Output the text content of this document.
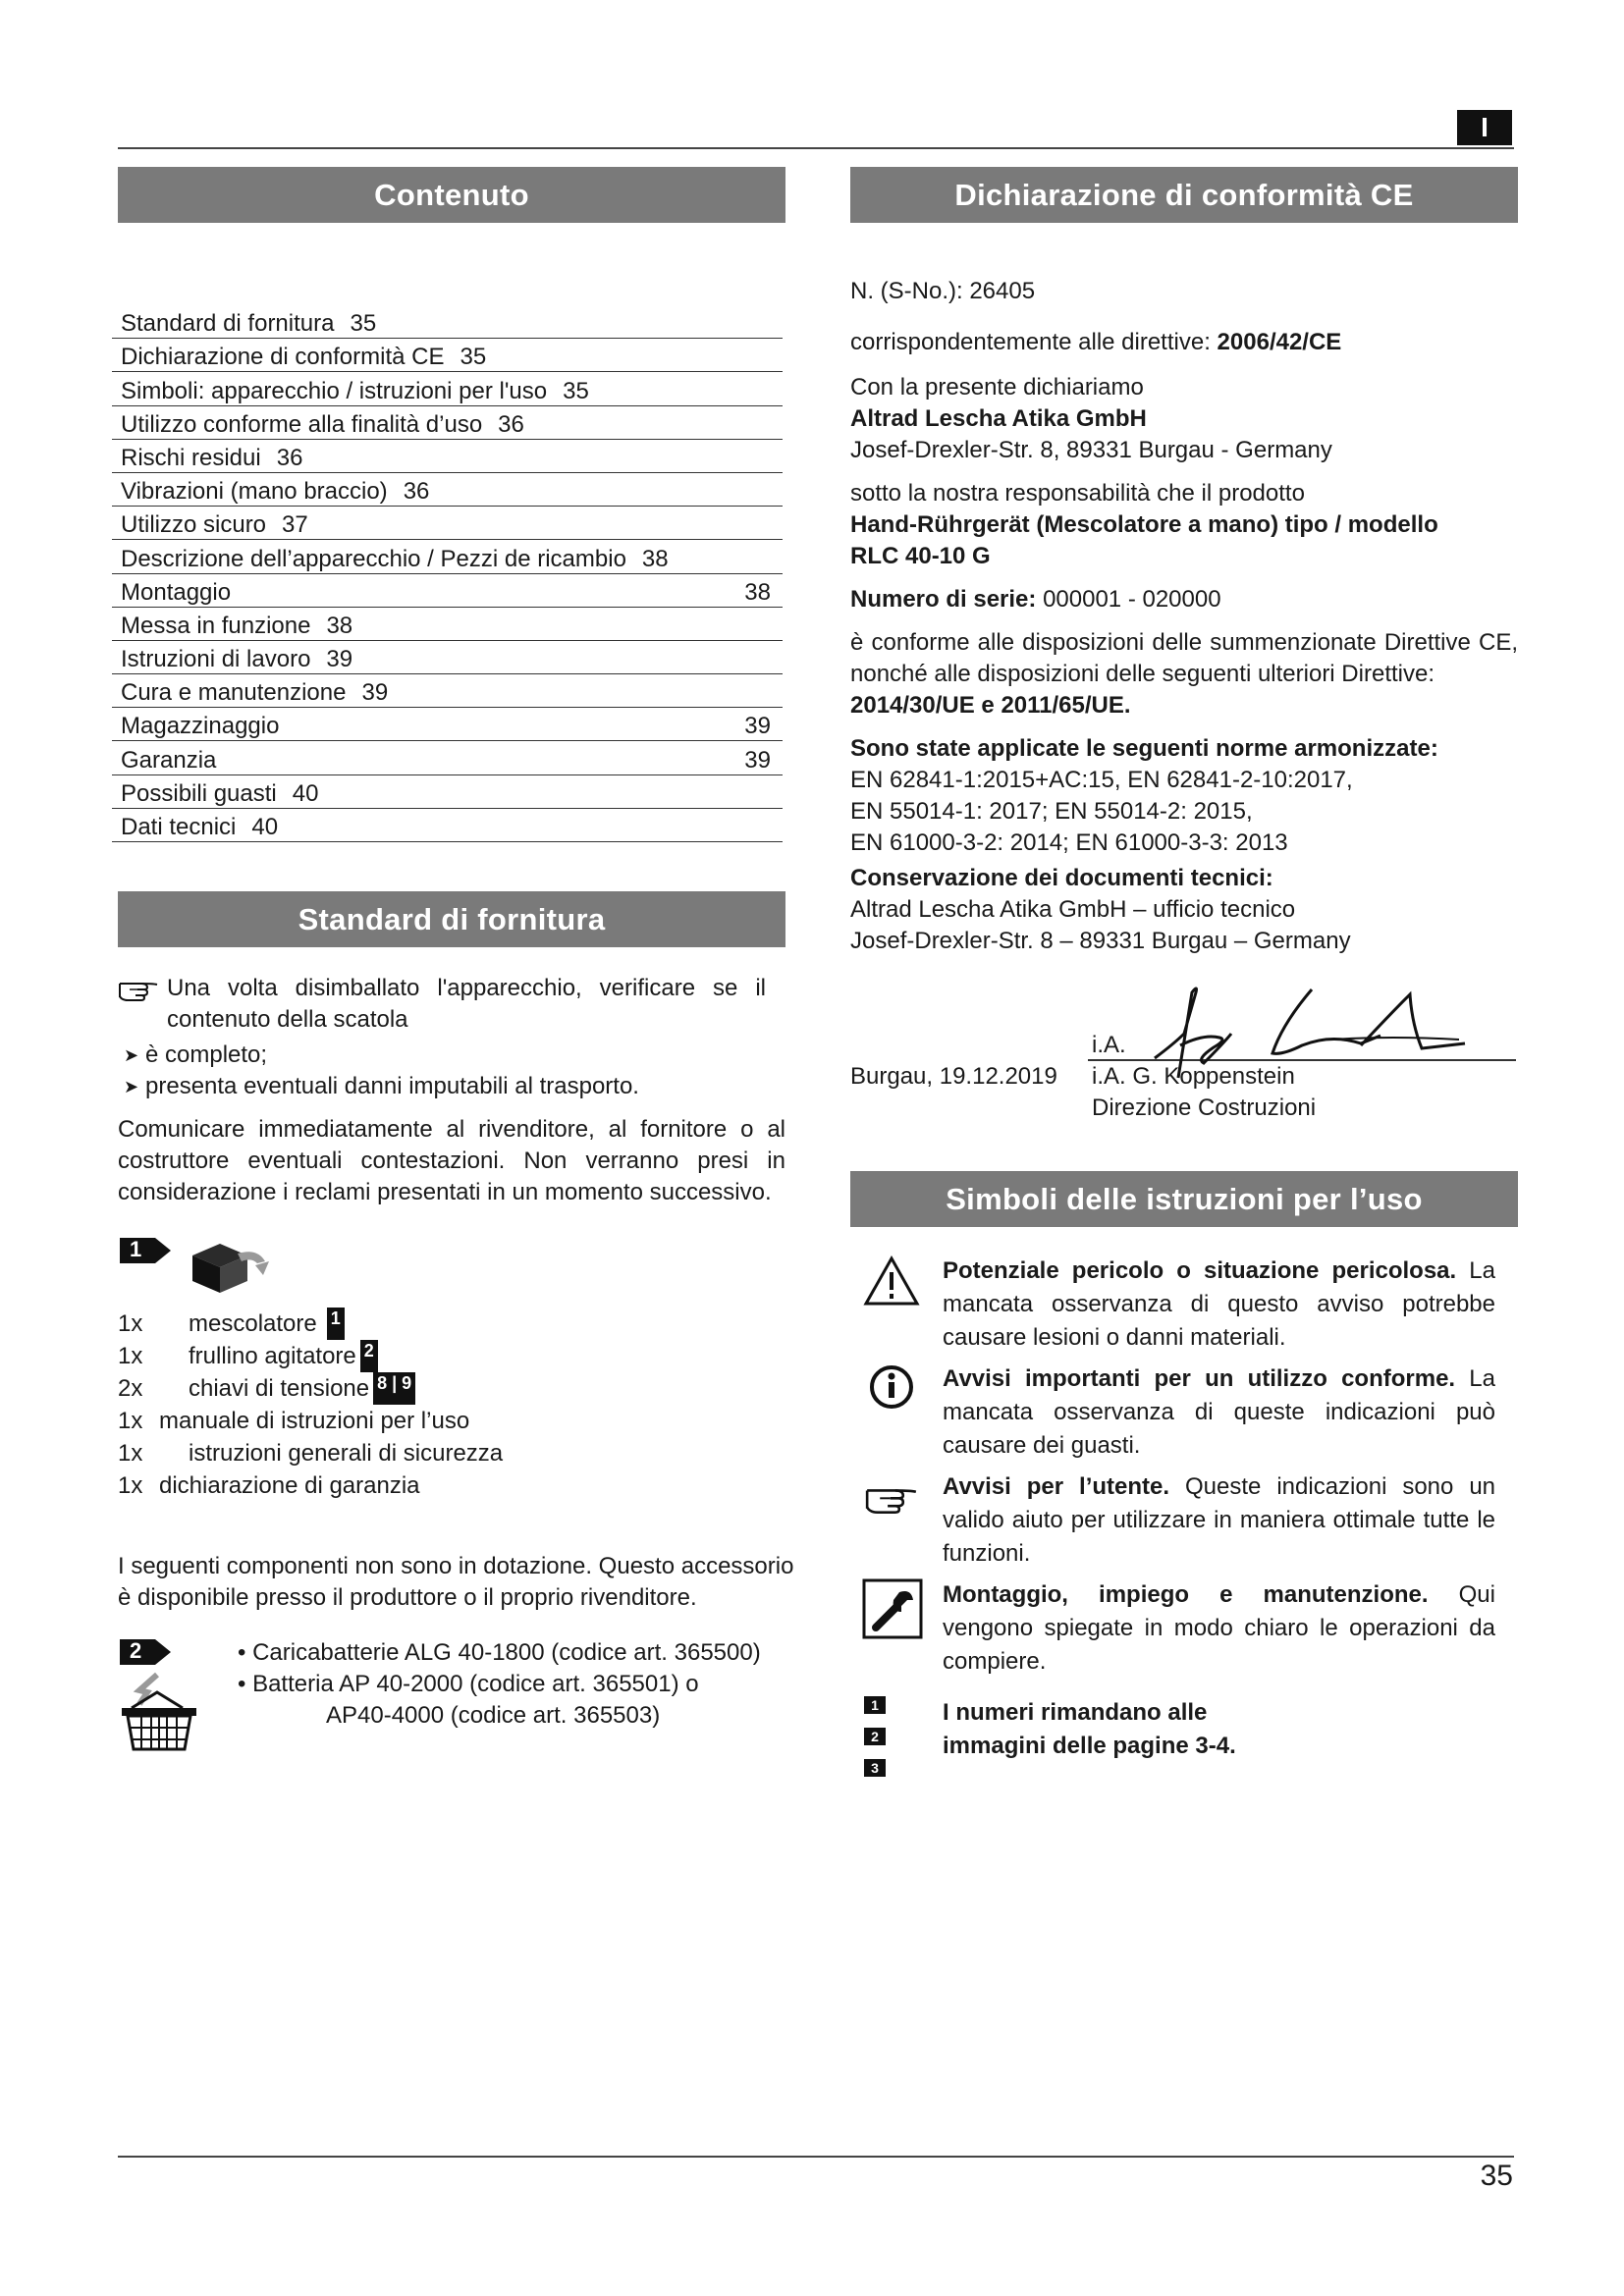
I
Contenuto
Standard di fornitura 35
Dichiarazione di conformità CE 35
Simboli: apparecchio / istruzioni per l'uso 35
Utilizzo conforme alla finalità d’uso 36
Rischi residui 36
Vibrazioni (mano braccio) 36
Utilizzo sicuro 37
Descrizione dell’apparecchio / Pezzi de ricambio 38
Montaggio	38
Messa in funzione 38
Istruzioni di lavoro 39
Cura e manutenzione 39
Magazzinaggio	39
Garanzia	39
Possibili guasti 40
Dati tecnici 40
Standard di fornitura
Una volta disimballato l'apparecchio, verificare se il contenuto della scatola
➤ è completo;
➤ presenta eventuali danni imputabili al trasporto.
Comunicare immediatamente al rivenditore, al fornitore o al costruttore eventuali contestazioni. Non verranno presi in considerazione i reclami presentati in un momento successivo.
1
1x	mescolatore 1
1x	frullino agitatore 2
2x	chiavi di tensione 8 | 9
1x manuale di istruzioni per l’uso
1x	istruzioni generali di sicurezza
1x dichiarazione di garanzia
I seguenti componenti non sono in dotazione. Questo accessorio è disponibile presso il produttore o il proprio rivenditore.
2	• Caricabatterie ALG 40-1800 (codice art. 365500)
• Batteria AP 40-2000 (codice art. 365501) o
AP40-4000 (codice art. 365503)
Dichiarazione di conformità CE
N. (S-No.): 26405
corrispondentemente alle direttive: 2006/42/CE
Con la presente dichiariamo
Altrad Lescha Atika GmbH
Josef-Drexler-Str. 8, 89331 Burgau - Germany
sotto la nostra responsabilità che il prodotto
Hand-Rührgerät (Mescolatore a mano) tipo / modello
RLC 40-10 G
Numero di serie: 000001 - 020000
è conforme alle disposizioni delle summenzionate Direttive CE, nonché alle disposizioni delle seguenti ulteriori Direttive:
2014/30/UE e 2011/65/UE.
Sono state applicate le seguenti norme armonizzate:
EN 62841-1:2015+AC:15, EN 62841-2-10:2017,
EN 55014-1: 2017; EN 55014-2: 2015,
EN 61000-3-2: 2014; EN 61000-3-3: 2013
Conservazione dei documenti tecnici:
Altrad Lescha Atika GmbH – ufficio tecnico
Josef-Drexler-Str. 8 – 89331 Burgau – Germany
i.A.
Burgau, 19.12.2019 i.A. G. Koppenstein
Direzione Costruzioni
Simboli delle istruzioni per l’uso
Potenziale pericolo o situazione pericolosa. La mancata osservanza di questo avviso potrebbe causare lesioni o danni materiali.
Avvisi importanti per un utilizzo conforme. La mancata osservanza di queste indicazioni può causare dei guasti.
Avvisi per l’utente. Queste indicazioni sono un valido aiuto per utilizzare in maniera ottimale tutte le funzioni.
Montaggio, impiego e manutenzione. Qui vengono spiegate in modo chiaro le operazioni da compiere.
1
2
3
I numeri rimandano alle immagini delle pagine 3-4.
35
